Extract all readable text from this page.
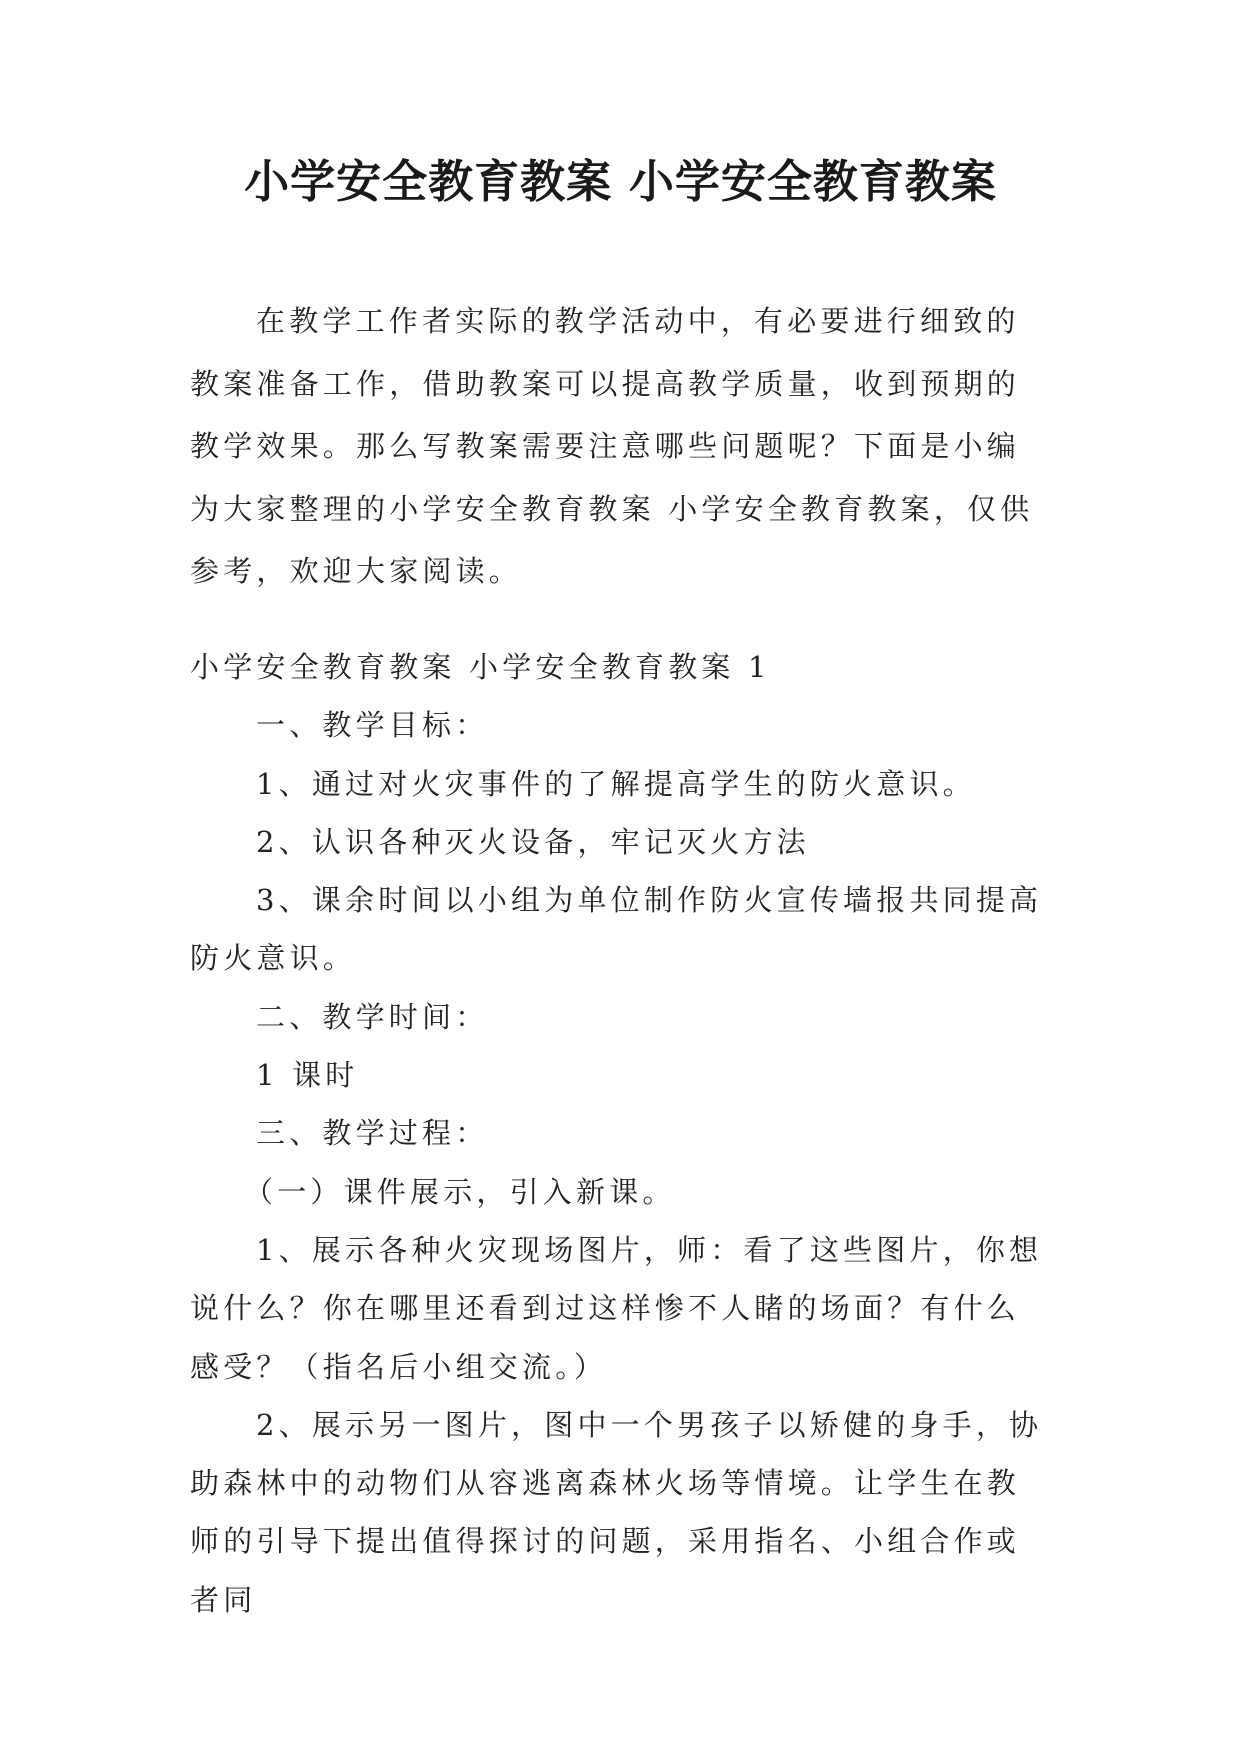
小学安全教育教案 小学安全教育教案

在教学工作者实际的教学活动中，有必要进行细致的教案准备工作，借助教案可以提高教学质量，收到预期的教学效果。那么写教案需要注意哪些问题呢？下面是小编为大家整理的小学安全教育教案 小学安全教育教案，仅供参考，欢迎大家阅读。

小学安全教育教案 小学安全教育教案 1

一、教学目标：

1、通过对火灾事件的了解提高学生的防火意识。

2、认识各种灭火设备，牢记灭火方法

3、课余时间以小组为单位制作防火宣传墙报共同提高防火意识。

二、教学时间：

1 课时

三、教学过程：

（一）课件展示，引入新课。

1、展示各种火灾现场图片，师：看了这些图片，你想说什么？你在哪里还看到过这样惨不人睹的场面？有什么感受？（指名后小组交流。）

2、展示另一图片，图中一个男孩子以矫健的身手，协助森林中的动物们从容逃离森林火场等情境。让学生在教师的引导下提出值得探讨的问题，采用指名、小组合作或者同
